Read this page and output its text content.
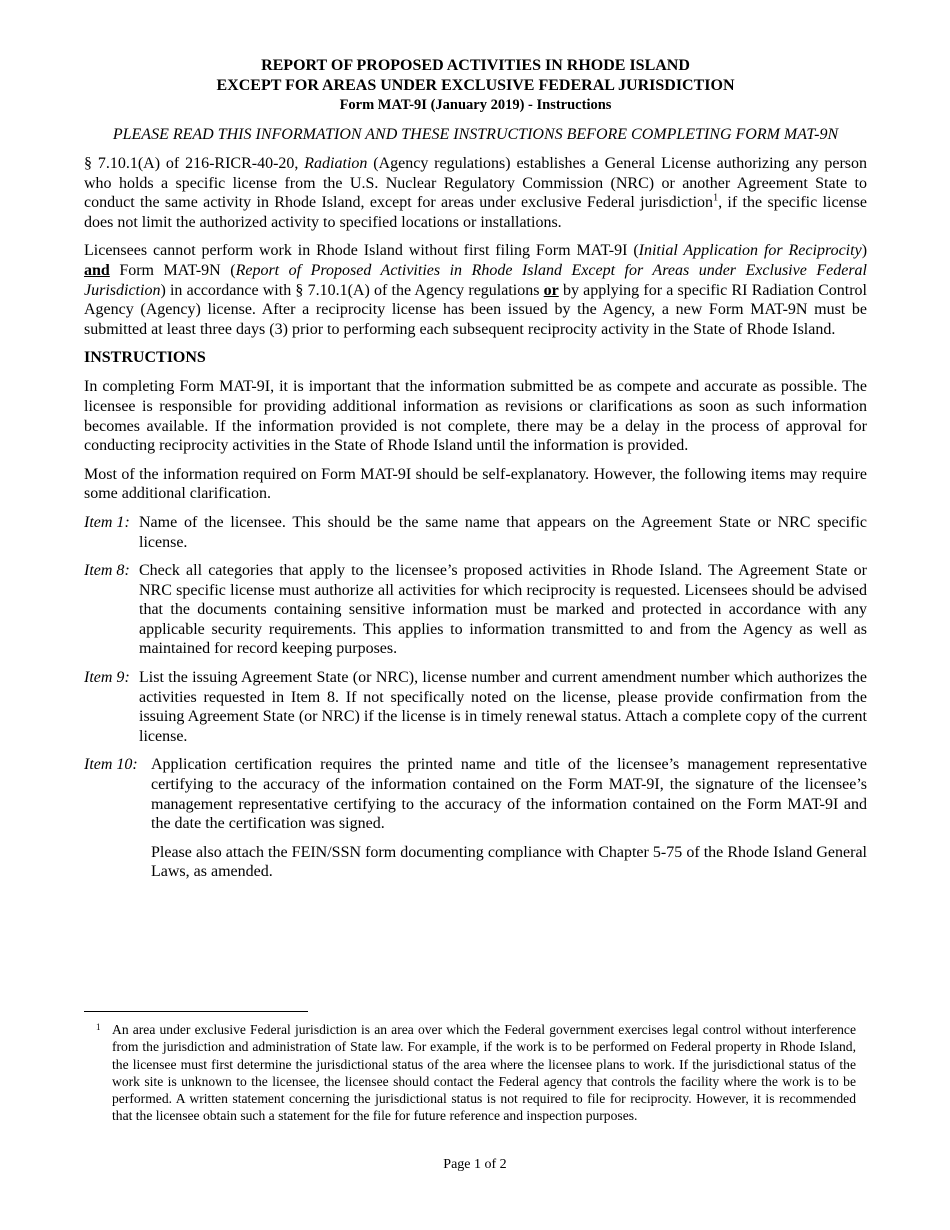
REPORT OF PROPOSED ACTIVITIES IN RHODE ISLAND
EXCEPT FOR AREAS UNDER EXCLUSIVE FEDERAL JURISDICTION
Form MAT-9I (January 2019) - Instructions
PLEASE READ THIS INFORMATION AND THESE INSTRUCTIONS BEFORE COMPLETING FORM MAT-9N

§ 7.10.1(A) of 216-RICR-40-20, Radiation (Agency regulations) establishes a General License authorizing any person who holds a specific license from the U.S. Nuclear Regulatory Commission (NRC) or another Agreement State to conduct the same activity in Rhode Island, except for areas under exclusive Federal jurisdiction$^1$, if the specific license does not limit the authorized activity to specified locations or installations.

Licensees cannot perform work in Rhode Island without first filing Form MAT-9I (Initial Application for Reciprocity) and Form MAT-9N (Report of Proposed Activities in Rhode Island Except for Areas under Exclusive Federal Jurisdiction) in accordance with § 7.10.1(A) of the Agency regulations or by applying for a specific RI Radiation Control Agency (Agency) license. After a reciprocity license has been issued by the Agency, a new Form MAT-9N must be submitted at least three days (3) prior to performing each subsequent reciprocity activity in the State of Rhode Island.

INSTRUCTIONS

In completing Form MAT-9I, it is important that the information submitted be as compete and accurate as possible. The licensee is responsible for providing additional information as revisions or clarifications as soon as such information becomes available. If the information provided is not complete, there may be a delay in the process of approval for conducting reciprocity activities in the State of Rhode Island until the information is provided.

Most of the information required on Form MAT-9I should be self-explanatory. However, the following items may require some additional clarification.

Item 1: Name of the licensee. This should be the same name that appears on the Agreement State or NRC specific license.
Item 8: Check all categories that apply to the licensee’s proposed activities in Rhode Island. The Agreement State or NRC specific license must authorize all activities for which reciprocity is requested. Licensees should be advised that the documents containing sensitive information must be marked and protected in accordance with any applicable security requirements. This applies to information transmitted to and from the Agency as well as maintained for record keeping purposes.
Item 9: List the issuing Agreement State (or NRC), license number and current amendment number which authorizes the activities requested in Item 8. If not specifically noted on the license, please provide confirmation from the issuing Agreement State (or NRC) if the license is in timely renewal status. Attach a complete copy of the current license.
Item 10: Application certification requires the printed name and title of the licensee’s management representative certifying to the accuracy of the information contained on the Form MAT-9I, the signature of the licensee’s management representative certifying to the accuracy of the information contained on the Form MAT-9I and the date the certification was signed.

Please also attach the FEIN/SSN form documenting compliance with Chapter 5-75 of the Rhode Island General Laws, as amended.

1 An area under exclusive Federal jurisdiction is an area over which the Federal government exercises legal control without interference from the jurisdiction and administration of State law. For example, if the work is to be performed on Federal property in Rhode Island, the licensee must first determine the jurisdictional status of the area where the licensee plans to work. If the jurisdictional status of the work site is unknown to the licensee, the licensee should contact the Federal agency that controls the facility where the work is to be performed. A written statement concerning the jurisdictional status is not required to file for reciprocity. However, it is recommended that the licensee obtain such a statement for the file for future reference and inspection purposes.
Page 1 of 2
